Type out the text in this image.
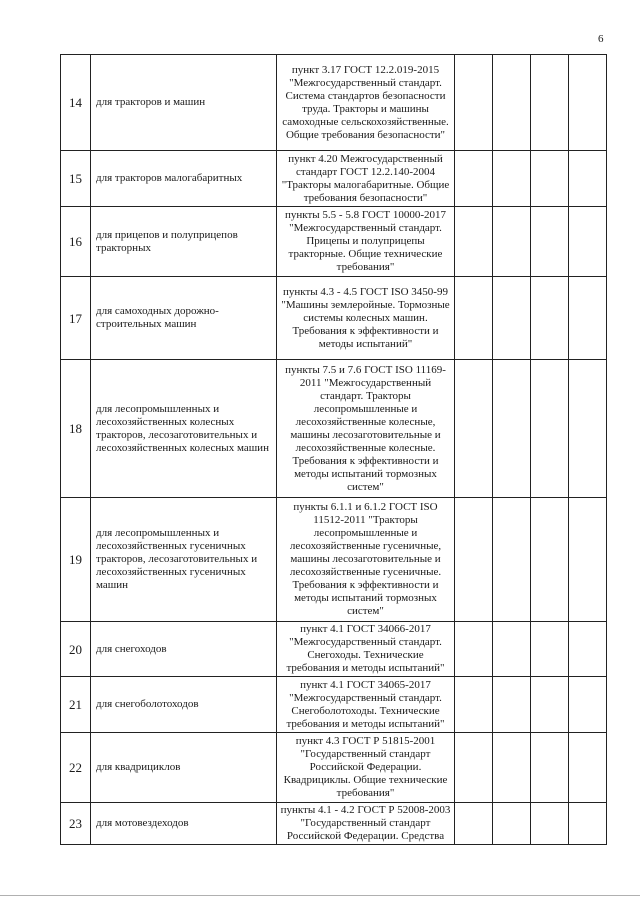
6
14	для тракторов и машин	пункт 3.17 ГОСТ 12.2.019-2015 "Межгосударственный стандарт. Система стандартов безопасности труда. Тракторы и машины самоходные сельскохозяйственные. Общие требования безопасности"				
15	для тракторов малогабаритных	пункт 4.20 Межгосударственный стандарт ГОСТ 12.2.140-2004 "Тракторы малогабаритные. Общие требования безопасности"				
16	для прицепов и полуприцепов тракторных	пункты 5.5 - 5.8 ГОСТ 10000-2017 "Межгосударственный стандарт. Прицепы и полуприцепы тракторные. Общие технические требования"				
17	для самоходных дорожно-строительных машин	пункты 4.3 - 4.5 ГОСТ ISO 3450-99 "Машины землеройные. Тормозные системы колесных машин. Требования к эффективности и методы испытаний"				
18	для лесопромышленных и лесохозяйственных колесных тракторов, лесозаготовительных и лесохозяйственных колесных машин	пункты 7.5 и 7.6 ГОСТ ISO 11169-2011 "Межгосударственный стандарт. Тракторы лесопромышленные и лесохозяйственные колесные, машины лесозаготовительные и лесохозяйственные колесные. Требования к эффективности и методы испытаний тормозных систем"				
19	для лесопромышленных и лесохозяйственных гусеничных тракторов, лесозаготовительных и лесохозяйственных гусеничных машин	пункты 6.1.1 и 6.1.2 ГОСТ ISO 11512-2011 "Тракторы лесопромышленные и лесохозяйственные гусеничные, машины лесозаготовительные и лесохозяйственные гусеничные. Требования к эффективности и методы испытаний тормозных систем"				
20	для снегоходов	пункт 4.1 ГОСТ 34066-2017 "Межгосударственный стандарт. Снегоходы. Технические требования и методы испытаний"				
21	для снегоболотоходов	пункт 4.1 ГОСТ 34065-2017 "Межгосударственный стандарт. Снегоболотоходы. Технические требования и методы испытаний"				
22	для квадрициклов	пункт 4.3 ГОСТ Р 51815-2001 "Государственный стандарт Российской Федерации. Квадрициклы. Общие технические требования"				
23	для мотовездеходов	пункты 4.1 - 4.2 ГОСТ Р 52008-2003 "Государственный стандарт Российской Федерации. Средства				
